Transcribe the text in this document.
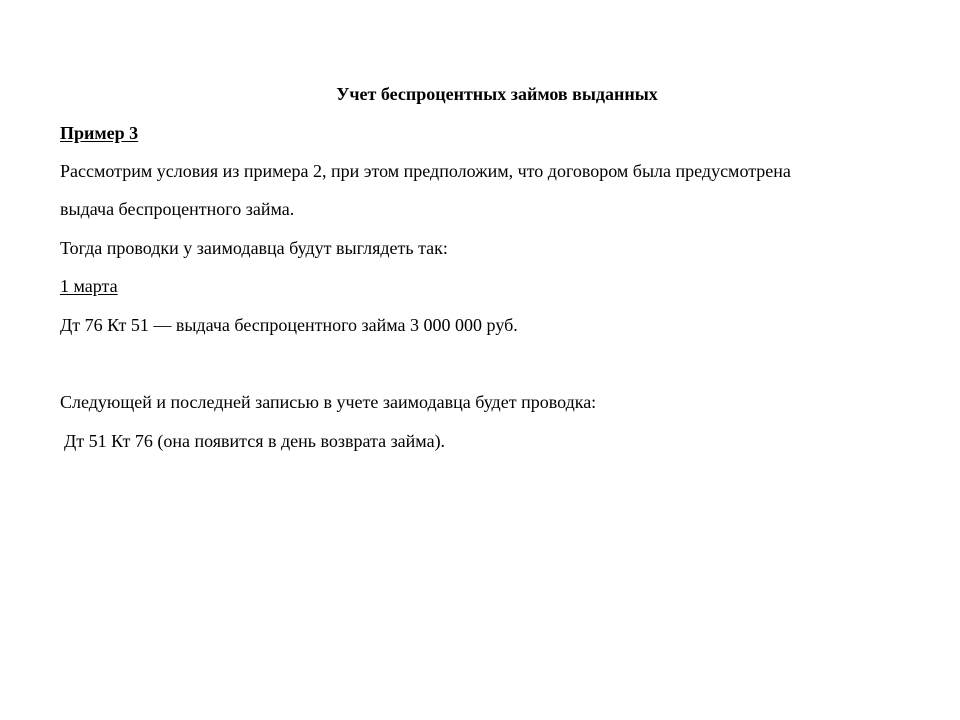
Учет беспроцентных займов выданных

Пример 3

Рассмотрим условия из примера 2, при этом предположим, что договором была предусмотрена

выдача беспроцентного займа.

Тогда проводки у заимодавца будут выглядеть так:

1 марта

Дт 76 Кт 51 — выдача беспроцентного займа 3 000 000 руб.

Следующей и последней записью в учете заимодавца будет проводка:

Дт 51 Кт 76 (она появится в день возврата займа).
